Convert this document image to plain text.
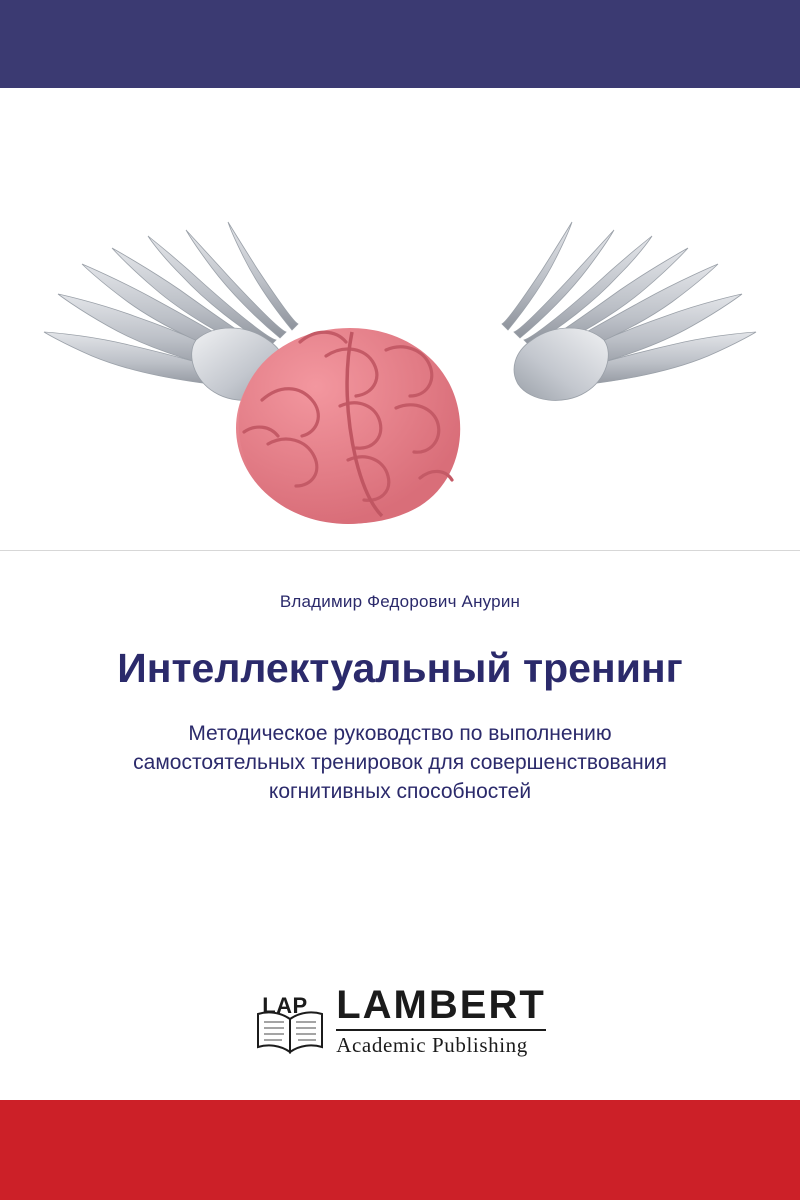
Владимир Федорович Анурин
Интеллектуальный тренинг
Методическое руководство по выполнению самостоятельных тренировок для совершенствования когнитивных способностей
LAP LAMBERT
Academic Publishing
